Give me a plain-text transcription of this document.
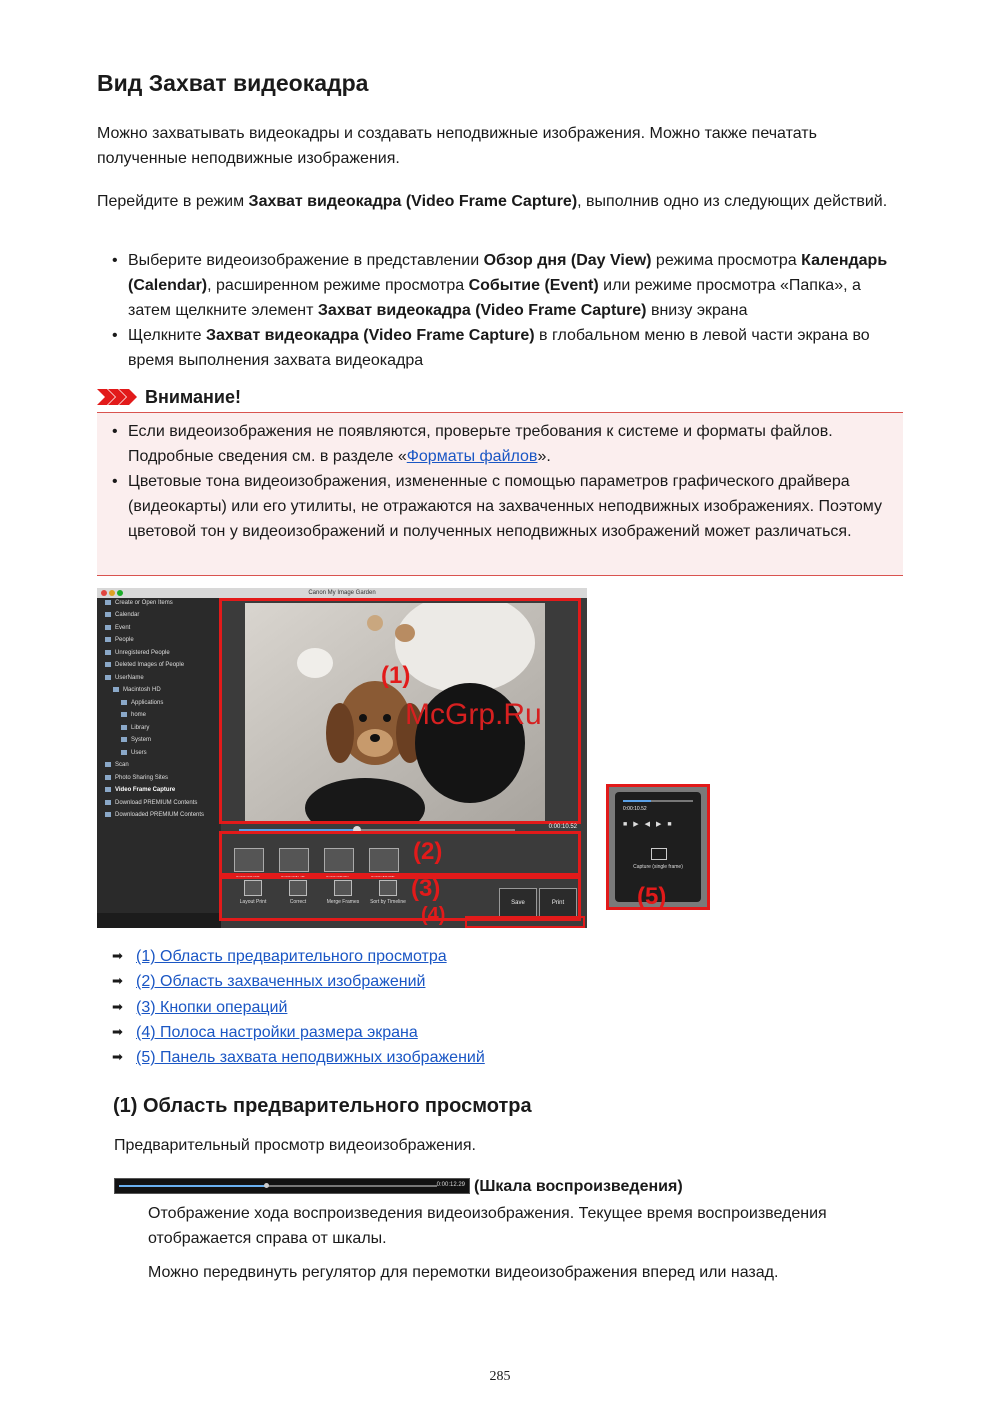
Вид Захват видеокадра

Можно захватывать видеокадры и создавать неподвижные изображения. Можно также печатать полученные неподвижные изображения.

Перейдите в режим Захват видеокадра (Video Frame Capture), выполнив одно из следующих действий.

• Выберите видеоизображение в представлении Обзор дня (Day View) режима просмотра Календарь (Calendar), расширенном режиме просмотра Событие (Event) или режиме просмотра «Папка», а затем щелкните элемент Захват видеокадра (Video Frame Capture) внизу экрана
• Щелкните Захват видеокадра (Video Frame Capture) в глобальном меню в левой части экрана во время выполнения захвата видеокадра
Внимание!
• Если видеоизображения не появляются, проверьте требования к системе и форматы файлов. Подробные сведения см. в разделе «Форматы файлов».
• Цветовые тона видеоизображения, измененные с помощью параметров графического драйвера (видеокарты) или его утилиты, не отражаются на захваченных неподвижных изображениях. Поэтому цветовой тон у видеоизображений и полученных неподвижных изображений может различаться.
Canon My Image Garden
Create or Open Items
Calendar
Event
People
Unregistered People
Deleted Images of People
UserName
Macintosh HD
Applications
home
Library
System
Users
Scan
Photo Sharing Sites
Video Frame Capture
Download PREMIUM Contents
Downloaded PREMIUM Contents
(1)
McGrp.Ru
0:00:10.52
0:00:00.00	0:00:01.43	0:00:08.37	0:00:10.52
(2)
Layout Print	Correct	Merge Frames	Sort by Timeline (3)
Save	Print
(4)
0:00:10.52
■▶◀▶■
Capture (single frame)
(5)
➡ (1) Область предварительного просмотра
➡ (2) Область захваченных изображений
➡ (3) Кнопки операций
➡ (4) Полоса настройки размера экрана
➡ (5) Панель захвата неподвижных изображений
(1) Область предварительного просмотра

Предварительный просмотр видеоизображения.

0:00:12.29 (Шкала воспроизведения)

Отображение хода воспроизведения видеоизображения. Текущее время воспроизведения отображается справа от шкалы.

Можно передвинуть регулятор для перемотки видеоизображения вперед или назад.

285
